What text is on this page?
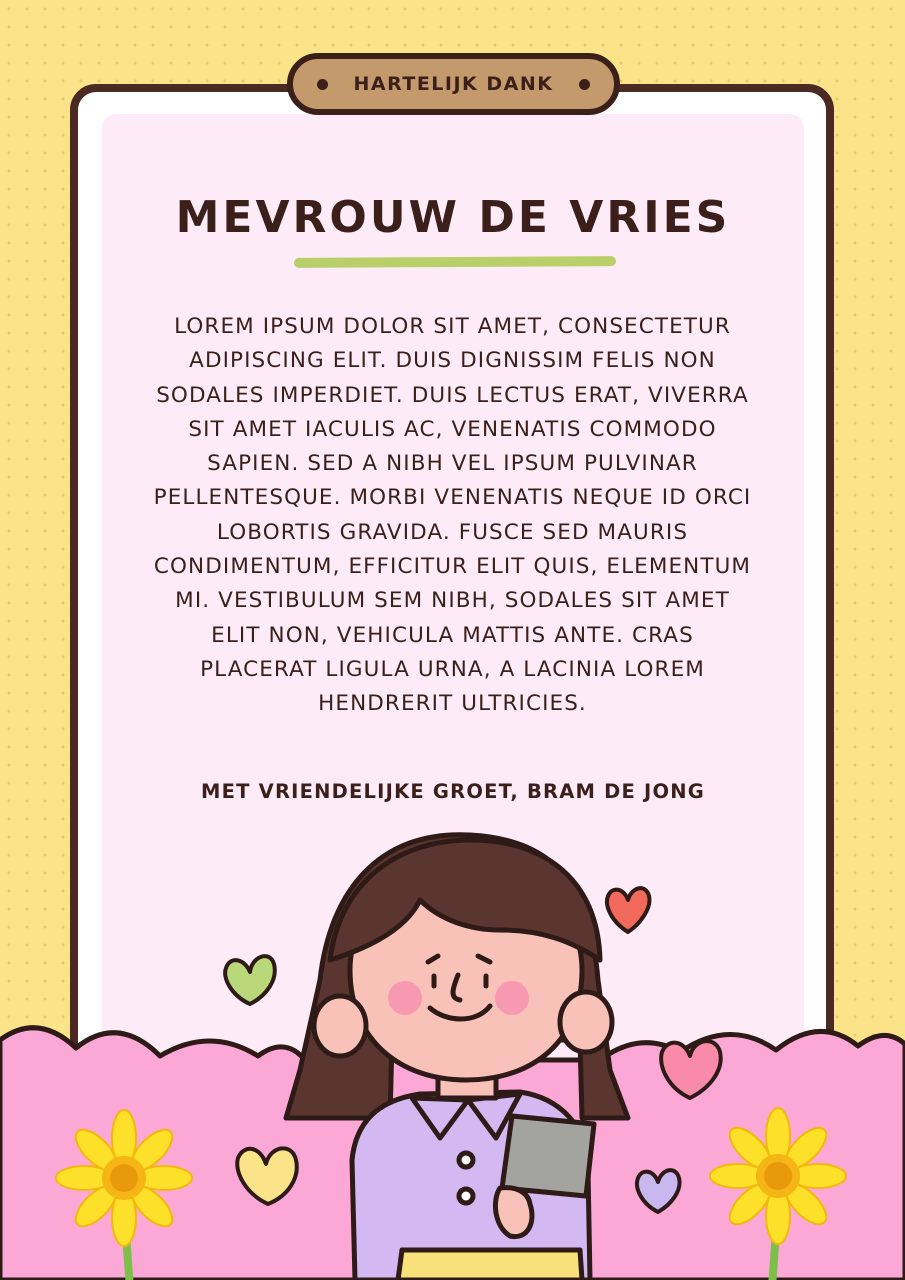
HARTELIJK DANK
MEVROUW DE VRIES

LOREM IPSUM DOLOR SIT AMET, CONSECTETUR ADIPISCING ELIT. DUIS DIGNISSIM FELIS NON SODALES IMPERDIET. DUIS LECTUS ERAT, VIVERRA SIT AMET IACULIS AC, VENENATIS COMMODO SAPIEN. SED A NIBH VEL IPSUM PULVINAR PELLENTESQUE. MORBI VENENATIS NEQUE ID ORCI LOBORTIS GRAVIDA. FUSCE SED MAURIS CONDIMENTUM, EFFICITUR ELIT QUIS, ELEMENTUM MI. VESTIBULUM SEM NIBH, SODALES SIT AMET ELIT NON, VEHICULA MATTIS ANTE. CRAS PLACERAT LIGULA URNA, A LACINIA LOREM HENDRERIT ULTRICIES.

MET VRIENDELIJKE GROET, BRAM DE JONG
